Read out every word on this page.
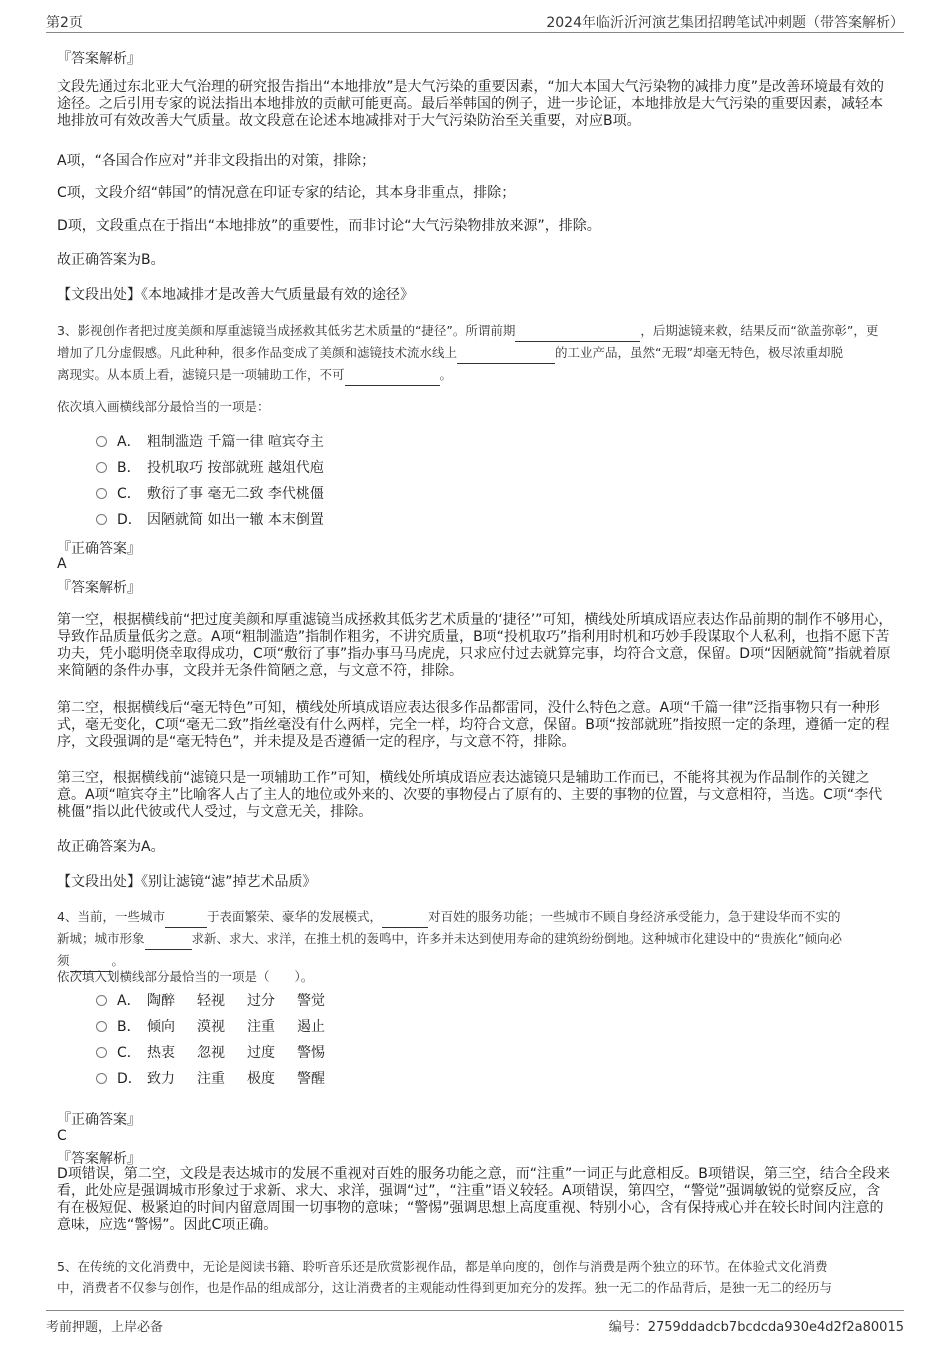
第2页	2024年临沂沂河演艺集团招聘笔试冲刺题（带答案解析）
『答案解析』

文段先通过东北亚大气治理的研究报告指出“本地排放”是大气污染的重要因素，“加大本国大气污染物的减排力度”是改善环境最有效的途径。之后引用专家的说法指出本地排放的贡献可能更高。最后举韩国的例子，进一步论证，本地排放是大气污染的重要因素，减轻本地排放可有效改善大气质量。故文段意在论述本地减排对于大气污染防治至关重要，对应B项。

A项，“各国合作应对”并非文段指出的对策，排除；

C项，文段介绍“韩国”的情况意在印证专家的结论，其本身非重点，排除；

D项，文段重点在于指出“本地排放”的重要性，而非讨论“大气污染物排放来源”，排除。

故正确答案为B。

【文段出处】《本地减排才是改善大气质量最有效的途径》

3、影视创作者把过度美颜和厚重滤镜当成拯救其低劣艺术质量的“捷径”。所谓前期	，后期滤镜来救，结果反而“欲盖弥彰”，更
增加了几分虚假感。凡此种种，很多作品变成了美颜和滤镜技术流水线上	的工业产品，虽然“无瑕”却毫无特色，极尽浓重却脱
离现实。从本质上看，滤镜只是一项辅助工作，不可	。
依次填入画横线部分最恰当的一项是：
A． 粗制滥造 千篇一律 喧宾夺主
B． 投机取巧 按部就班 越俎代庖
C． 敷衍了事 毫无二致 李代桃僵
D． 因陋就简 如出一辙 本末倒置
『正确答案』
A
『答案解析』

第一空，根据横线前“把过度美颜和厚重滤镜当成拯救其低劣艺术质量的‘捷径’”可知，横线处所填成语应表达作品前期的制作不够用心，导致作品质量低劣之意。A项“粗制滥造”指制作粗劣，不讲究质量，B项“投机取巧”指利用时机和巧妙手段谋取个人私利，也指不愿下苦功夫，凭小聪明侥幸取得成功，C项“敷衍了事”指办事马马虎虎，只求应付过去就算完事，均符合文意，保留。D项“因陋就简”指就着原来简陋的条件办事，文段并无条件简陋之意，与文意不符，排除。

第二空，根据横线后“毫无特色”可知，横线处所填成语应表达很多作品都雷同，没什么特色之意。A项“千篇一律”泛指事物只有一种形式，毫无变化，C项“毫无二致”指丝毫没有什么两样，完全一样，均符合文意，保留。B项“按部就班”指按照一定的条理，遵循一定的程序，文段强调的是“毫无特色”，并未提及是否遵循一定的程序，与文意不符，排除。

第三空，根据横线前“滤镜只是一项辅助工作”可知，横线处所填成语应表达滤镜只是辅助工作而已，不能将其视为作品制作的关键之意。A项“喧宾夺主”比喻客人占了主人的地位或外来的、次要的事物侵占了原有的、主要的事物的位置，与文意相符，当选。C项“李代桃僵”指以此代彼或代人受过，与文意无关，排除。

故正确答案为A。

【文段出处】《别让滤镜“滤”掉艺术品质》

4、当前，一些城市	于表面繁荣、豪华的发展模式，	对百姓的服务功能；一些城市不顾自身经济承受能力，急于建设华而不实的
新城；城市形象	求新、求大、求洋，在推土机的轰鸣中，许多并未达到使用寿命的建筑纷纷倒地。这种城市化建设中的“贵族化”倾向必
须	。
依次填入划横线部分最恰当的一项是（　　）。
A． 陶醉	轻视	过分	警觉
B． 倾向	漠视	注重	遏止
C． 热衷	忽视	过度	警惕
D． 致力	注重	极度	警醒
『正确答案』
C
『答案解析』

D项错误，第二空，文段是表达城市的发展不重视对百姓的服务功能之意，而“注重”一词正与此意相反。B项错误，第三空，结合全段来看，此处应是强调城市形象过于求新、求大、求洋，强调“过”，“注重”语义较轻。A项错误，第四空，“警觉”强调敏锐的觉察反应，含有在极短促、极紧迫的时间内留意周围一切事物的意味；“警惕”强调思想上高度重视、特别小心，含有保持戒心并在较长时间内注意的意味，应选“警惕”。因此C项正确。

5、在传统的文化消费中，无论是阅读书籍、聆听音乐还是欣赏影视作品，都是单向度的，创作与消费是两个独立的环节。在体验式文化消费
中，消费者不仅参与创作，也是作品的组成部分，这让消费者的主观能动性得到更加充分的发挥。独一无二的作品背后，是独一无二的经历与
考前押题，上岸必备	编号：2759ddadcb7bcdcda930e4d2f2a80015
